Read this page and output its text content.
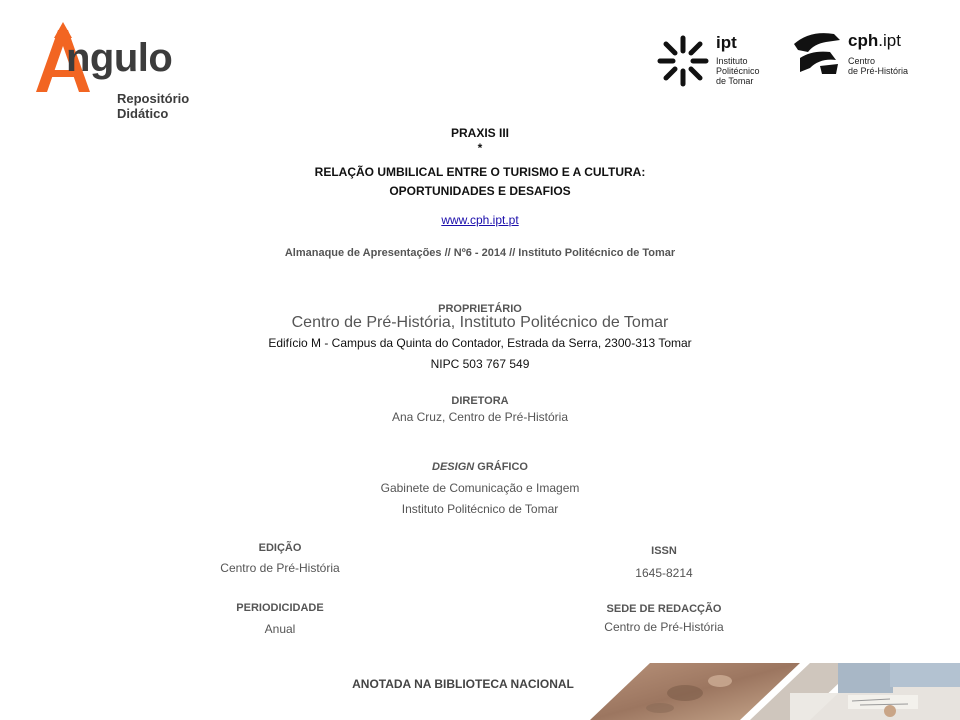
ngulo
Repositório
Didático
ipt
Instituto
Politécnico
de Tomar
cph.ipt
Centro
de Pré-História
PRAXIS III
*
RELAÇÃO UMBILICAL ENTRE O TURISMO E A CULTURA:
OPORTUNIDADES E DESAFIOS
www.cph.ipt.pt
Almanaque de Apresentações // Nº6 - 2014 // Instituto Politécnico de Tomar
PROPRIETÁRIO
Centro de Pré-História, Instituto Politécnico de Tomar
Edifício M - Campus da Quinta do Contador, Estrada da Serra, 2300-313 Tomar
NIPC 503 767 549
DIRETORA
Ana Cruz, Centro de Pré-História
DESIGN GRÁFICO
Gabinete de Comunicação e Imagem
Instituto Politécnico de Tomar
EDIÇÃO
Centro de Pré-História
PERIODICIDADE
Anual
ISSN
1645-8214
SEDE DE REDACÇÃO
Centro de Pré-História
ANOTADA NA BIBLIOTECA NACIONAL
